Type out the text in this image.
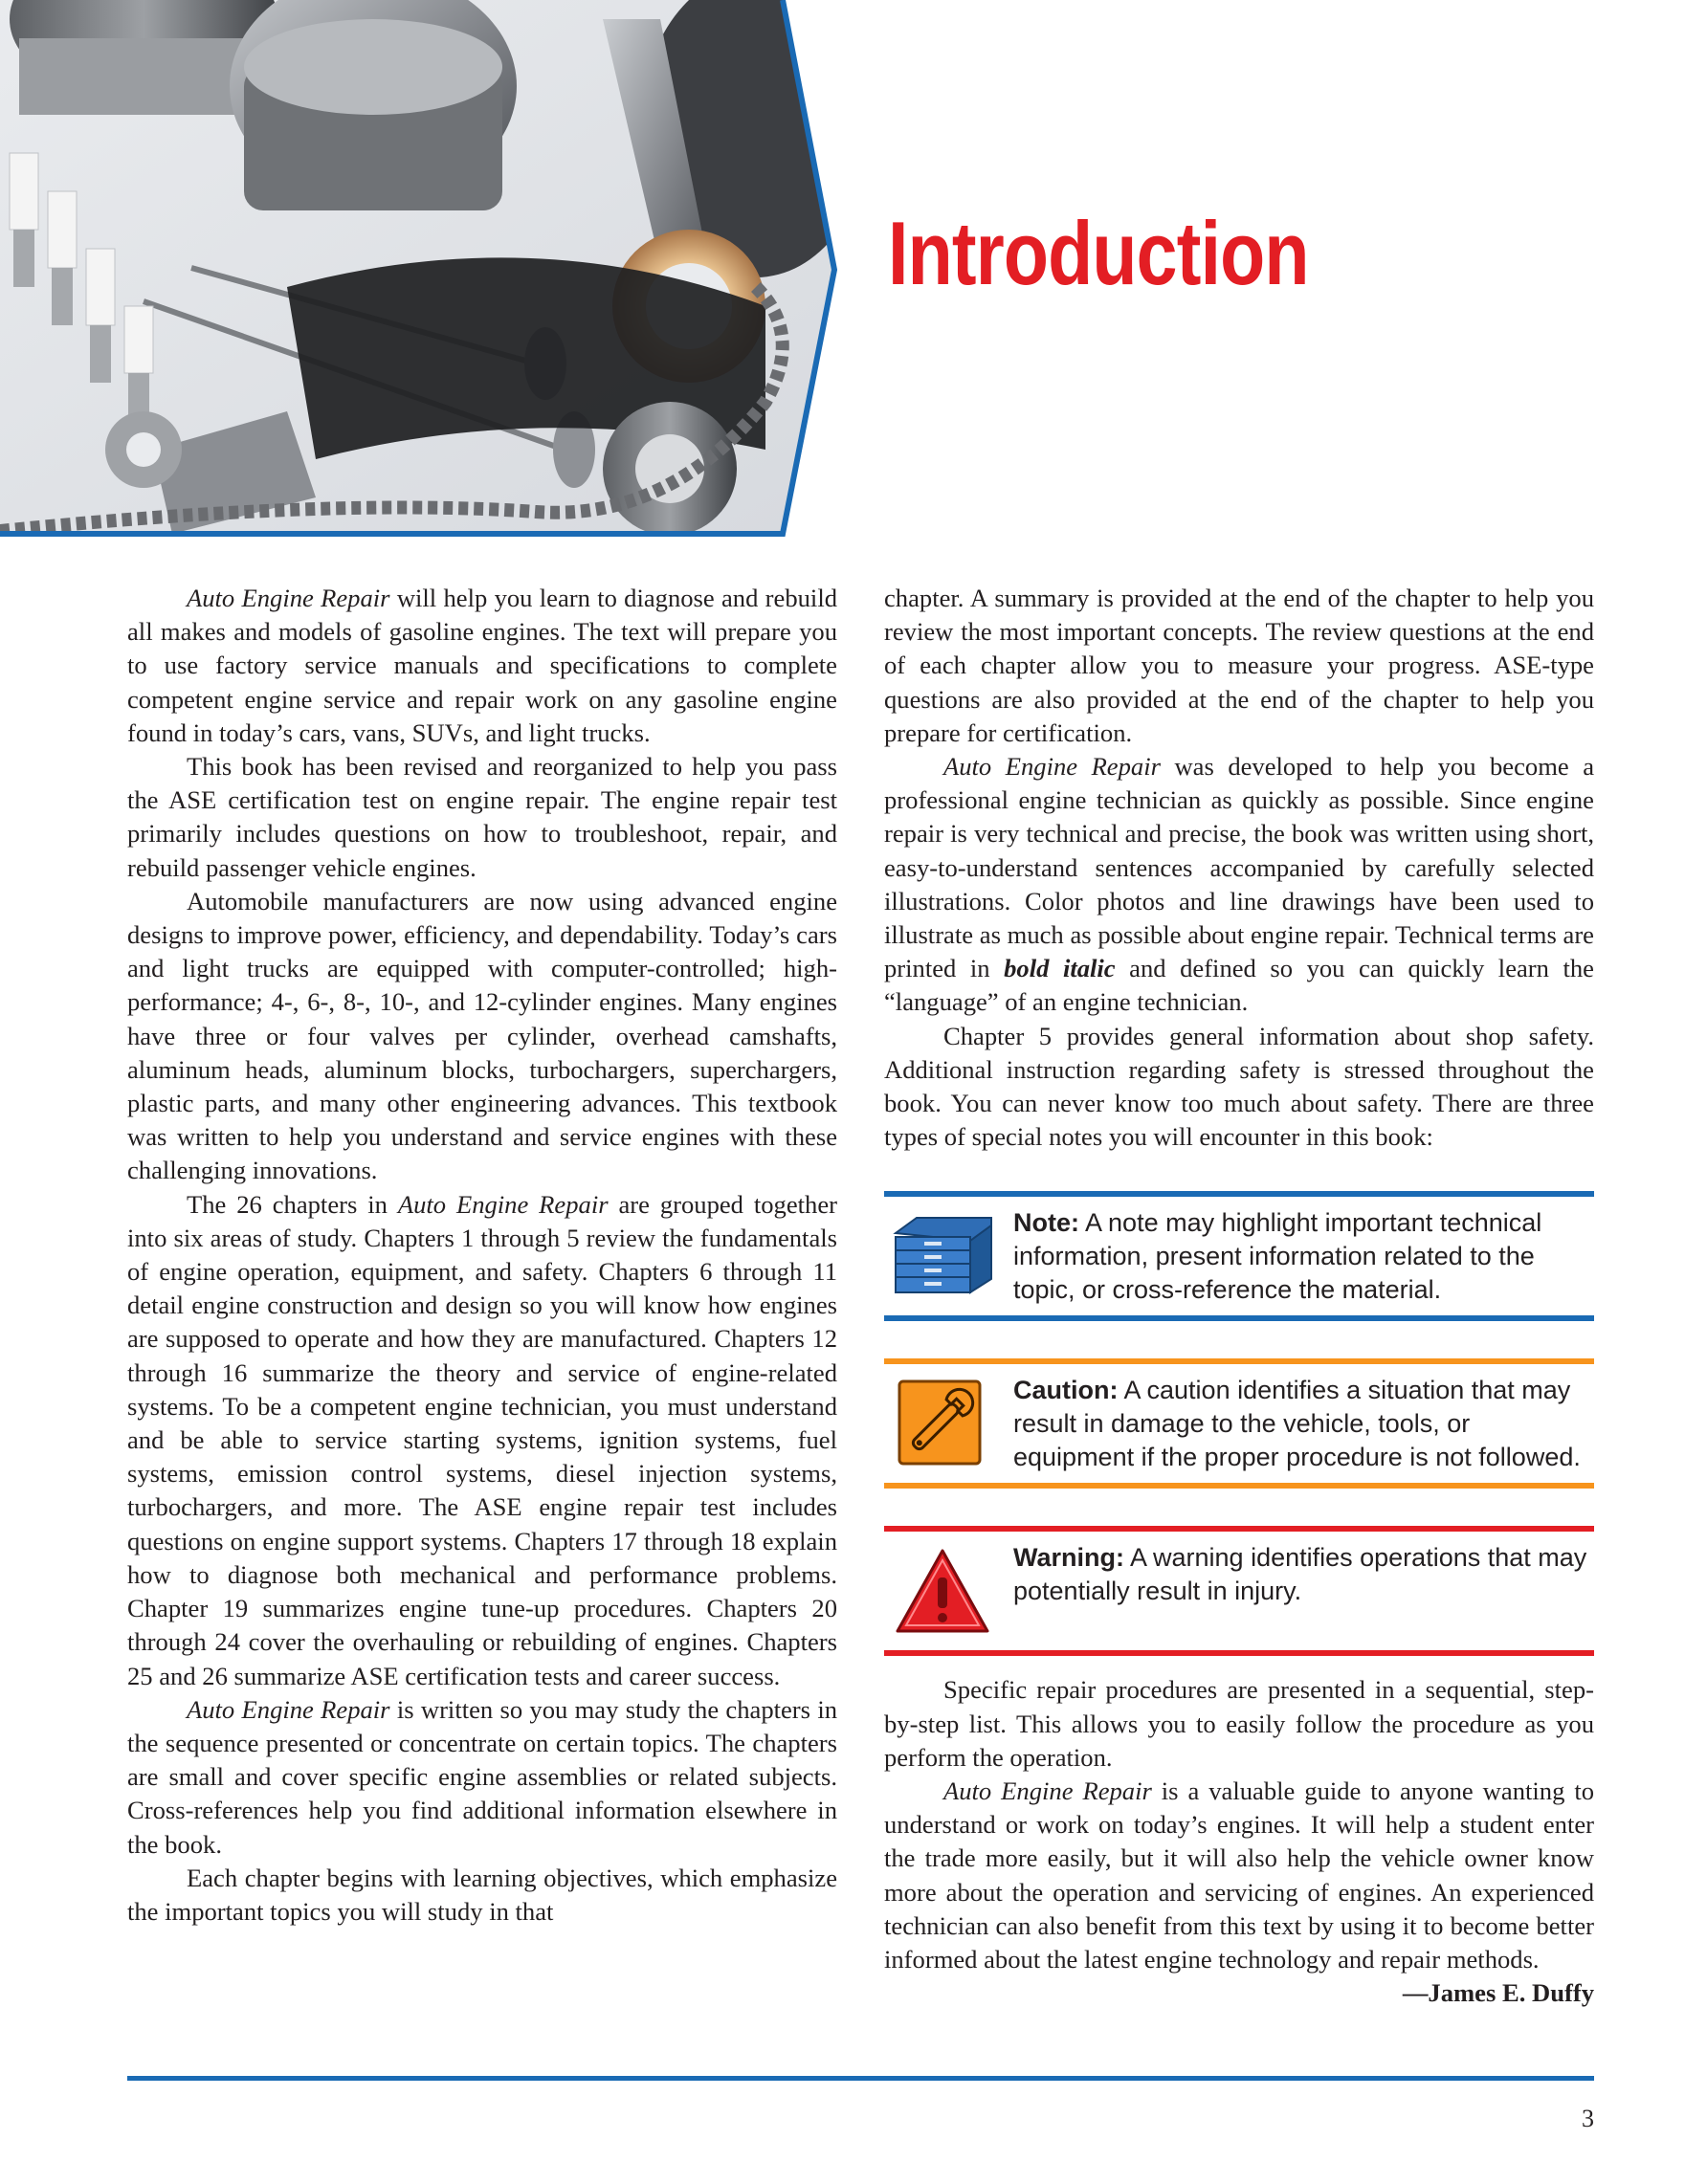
Introduction

Auto Engine Repair will help you learn to diagnose and rebuild all makes and models of gasoline engines. The text will prepare you to use factory service manuals and specifications to complete competent engine service and repair work on any gasoline engine found in today’s cars, vans, SUVs, and light trucks.

This book has been revised and reorganized to help you pass the ASE certification test on engine repair. The engine repair test primarily includes questions on how to troubleshoot, repair, and rebuild passenger vehicle engines.

Automobile manufacturers are now using advanced engine designs to improve power, efficiency, and dependability. Today’s cars and light trucks are equipped with computer-controlled; high-performance; 4-, 6-, 8-, 10-, and 12-cylinder engines. Many engines have three or four valves per cylinder, overhead camshafts, aluminum heads, aluminum blocks, turbochargers, superchargers, plastic parts, and many other engineering advances. This textbook was written to help you understand and service engines with these challenging innovations.

The 26 chapters in Auto Engine Repair are grouped together into six areas of study. Chapters 1 through 5 review the fundamentals of engine operation, equipment, and safety. Chapters 6 through 11 detail engine construction and design so you will know how engines are supposed to operate and how they are manufactured. Chapters 12 through 16 summarize the theory and service of engine-related systems. To be a competent engine technician, you must understand and be able to service starting systems, ignition systems, fuel systems, emission control systems, diesel injection systems, turbochargers, and more. The ASE engine repair test includes questions on engine support systems. Chapters 17 through 18 explain how to diagnose both mechanical and performance problems. Chapter 19 summarizes engine tune-up procedures. Chapters 20 through 24 cover the overhauling or rebuilding of engines. Chapters 25 and 26 summarize ASE certification tests and career success.

Auto Engine Repair is written so you may study the chapters in the sequence presented or concentrate on certain topics. The chapters are small and cover specific engine assemblies or related subjects. Cross-references help you find additional information elsewhere in the book.

Each chapter begins with learning objectives, which emphasize the important topics you will study in that

chapter. A summary is provided at the end of the chapter to help you review the most important concepts. The review questions at the end of each chapter allow you to measure your progress. ASE-type questions are also provided at the end of the chapter to help you prepare for certification.

Auto Engine Repair was developed to help you become a professional engine technician as quickly as possible. Since engine repair is very technical and precise, the book was written using short, easy-to-understand sentences accompanied by carefully selected illustrations. Color photos and line drawings have been used to illustrate as much as possible about engine repair. Technical terms are printed in bold italic and defined so you can quickly learn the “language” of an engine technician.

Chapter 5 provides general information about shop safety. Additional instruction regarding safety is stressed throughout the book. You can never know too much about safety. There are three types of special notes you will encounter in this book:

Note: A note may highlight important technical information, present information related to the topic, or cross-reference the material.
Caution: A caution identifies a situation that may result in damage to the vehicle, tools, or equipment if the proper procedure is not followed.
Warning: A warning identifies operations that may potentially result in injury.

Specific repair procedures are presented in a sequential, step-by-step list. This allows you to easily follow the procedure as you perform the operation.

Auto Engine Repair is a valuable guide to anyone wanting to understand or work on today’s engines. It will help a student enter the trade more easily, but it will also help the vehicle owner know more about the operation and servicing of engines. An experienced technician can also benefit from this text by using it to become better informed about the latest engine technology and repair methods.

—James E. Duffy

3
